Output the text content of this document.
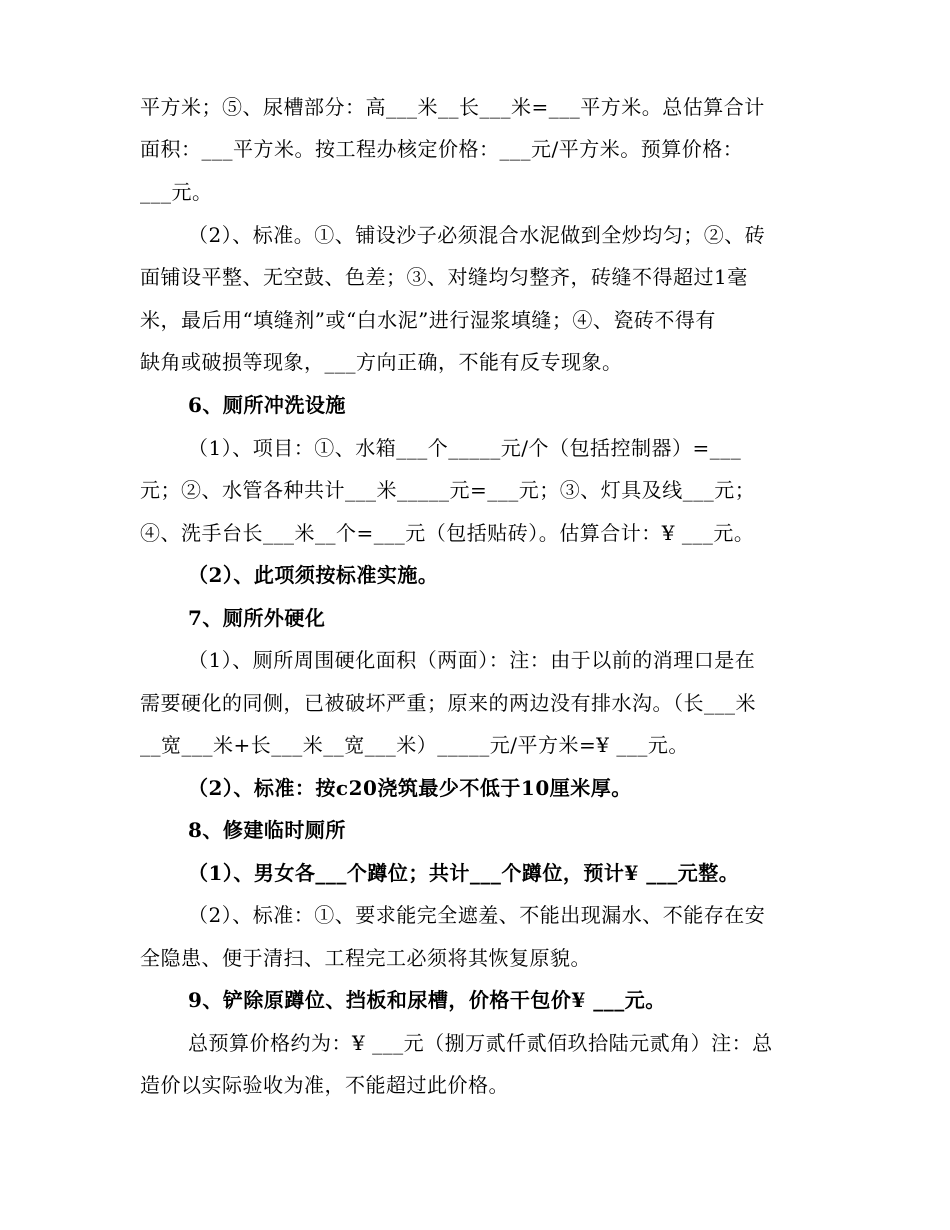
平方米；⑤、尿槽部分：高___米__长___米=___平方米。总估算合计
面积：___平方米。按工程办核定价格：___元/平方米。预算价格：
___元。
（2）、标准。①、铺设沙子必须混合水泥做到全炒均匀；②、砖
面铺设平整、无空鼓、色差；③、对缝均匀整齐，砖缝不得超过1毫
米，最后用“填缝剂”或“白水泥”进行湿浆填缝；④、瓷砖不得有
缺角或破损等现象，___方向正确，不能有反专现象。
6、厕所冲洗设施
（1）、项目：①、水箱___个_____元/个（包括控制器）=___
元；②、水管各种共计___米_____元=___元；③、灯具及线___元；
④、洗手台长___米__个=___元（包括贴砖）。估算合计：¥ ___元。
（2）、此项须按标准实施。
7、厕所外硬化
（1）、厕所周围硬化面积（两面）：注：由于以前的消理口是在
需要硬化的同侧，已被破坏严重；原来的两边没有排水沟。（长___米
__宽___米+长___米__宽___米）_____元/平方米=¥ ___元。
（2）、标准：按c20浇筑最少不低于10厘米厚。
8、修建临时厕所
（1）、男女各___个蹲位；共计___个蹲位，预计¥ ___元整。
（2）、标准：①、要求能完全遮羞、不能出现漏水、不能存在安
全隐患、便于清扫、工程完工必须将其恢复原貌。
9、铲除原蹲位、挡板和尿槽，价格干包价¥ ___元。
总预算价格约为：¥ ___元（捌万贰仟贰佰玖拾陆元贰角）注：总
造价以实际验收为准，不能超过此价格。
